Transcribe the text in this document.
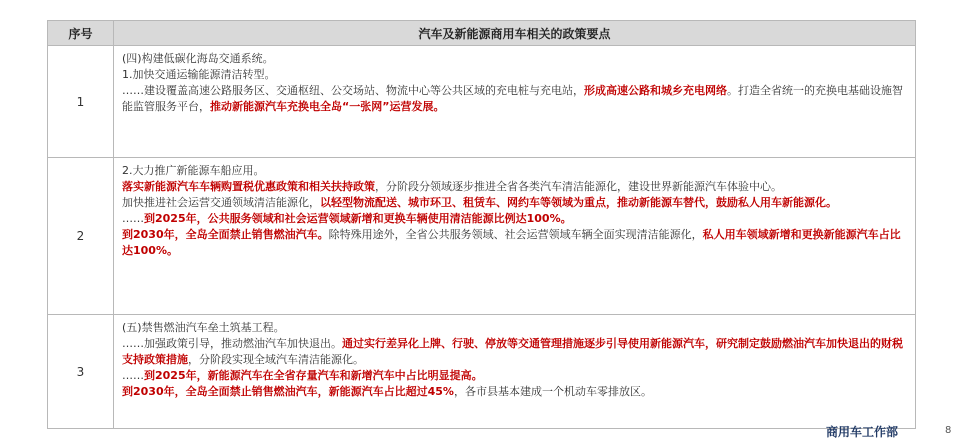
序号	汽车及新能源商用车相关的政策要点
1	(四)构建低碳化海岛交通系统。
1.加快交通运输能源清洁转型。
……建设覆盖高速公路服务区、交通枢纽、公交场站、物流中心等公共区域的充电桩与充电站，形成高速公路和城乡充电网络。打造全省统一的充换电基础设施智能监管服务平台，推动新能源汽车充换电全岛“一张网”运营发展。

2	2.大力推广新能源车船应用。
落实新能源汽车车辆购置税优惠政策和相关扶持政策，分阶段分领域逐步推进全省各类汽车清洁能源化，建设世界新能源汽车体验中心。
加快推进社会运营交通领域清洁能源化，以轻型物流配送、城市环卫、租赁车、网约车等领域为重点，推动新能源车替代，鼓励私人用车新能源化。
……到2025年，公共服务领域和社会运营领域新增和更换车辆使用清洁能源比例达100%。
到2030年，全岛全面禁止销售燃油汽车。除特殊用途外，全省公共服务领域、社会运营领域车辆全面实现清洁能源化，私人用车领域新增和更换新能源汽车占比达100%。

3	(五)禁售燃油汽车垒土筑基工程。
……加强政策引导，推动燃油汽车加快退出。通过实行差异化上牌、行驶、停放等交通管理措施逐步引导使用新能源汽车，研究制定鼓励燃油汽车加快退出的财税支持政策措施，分阶段实现全域汽车清洁能源化。
……到2025年，新能源汽车在全省存量汽车和新增汽车中占比明显提高。
到2030年，全岛全面禁止销售燃油汽车，新能源汽车占比超过45%，各市县基本建成一个机动车零排放区。
商用车工作部	8
